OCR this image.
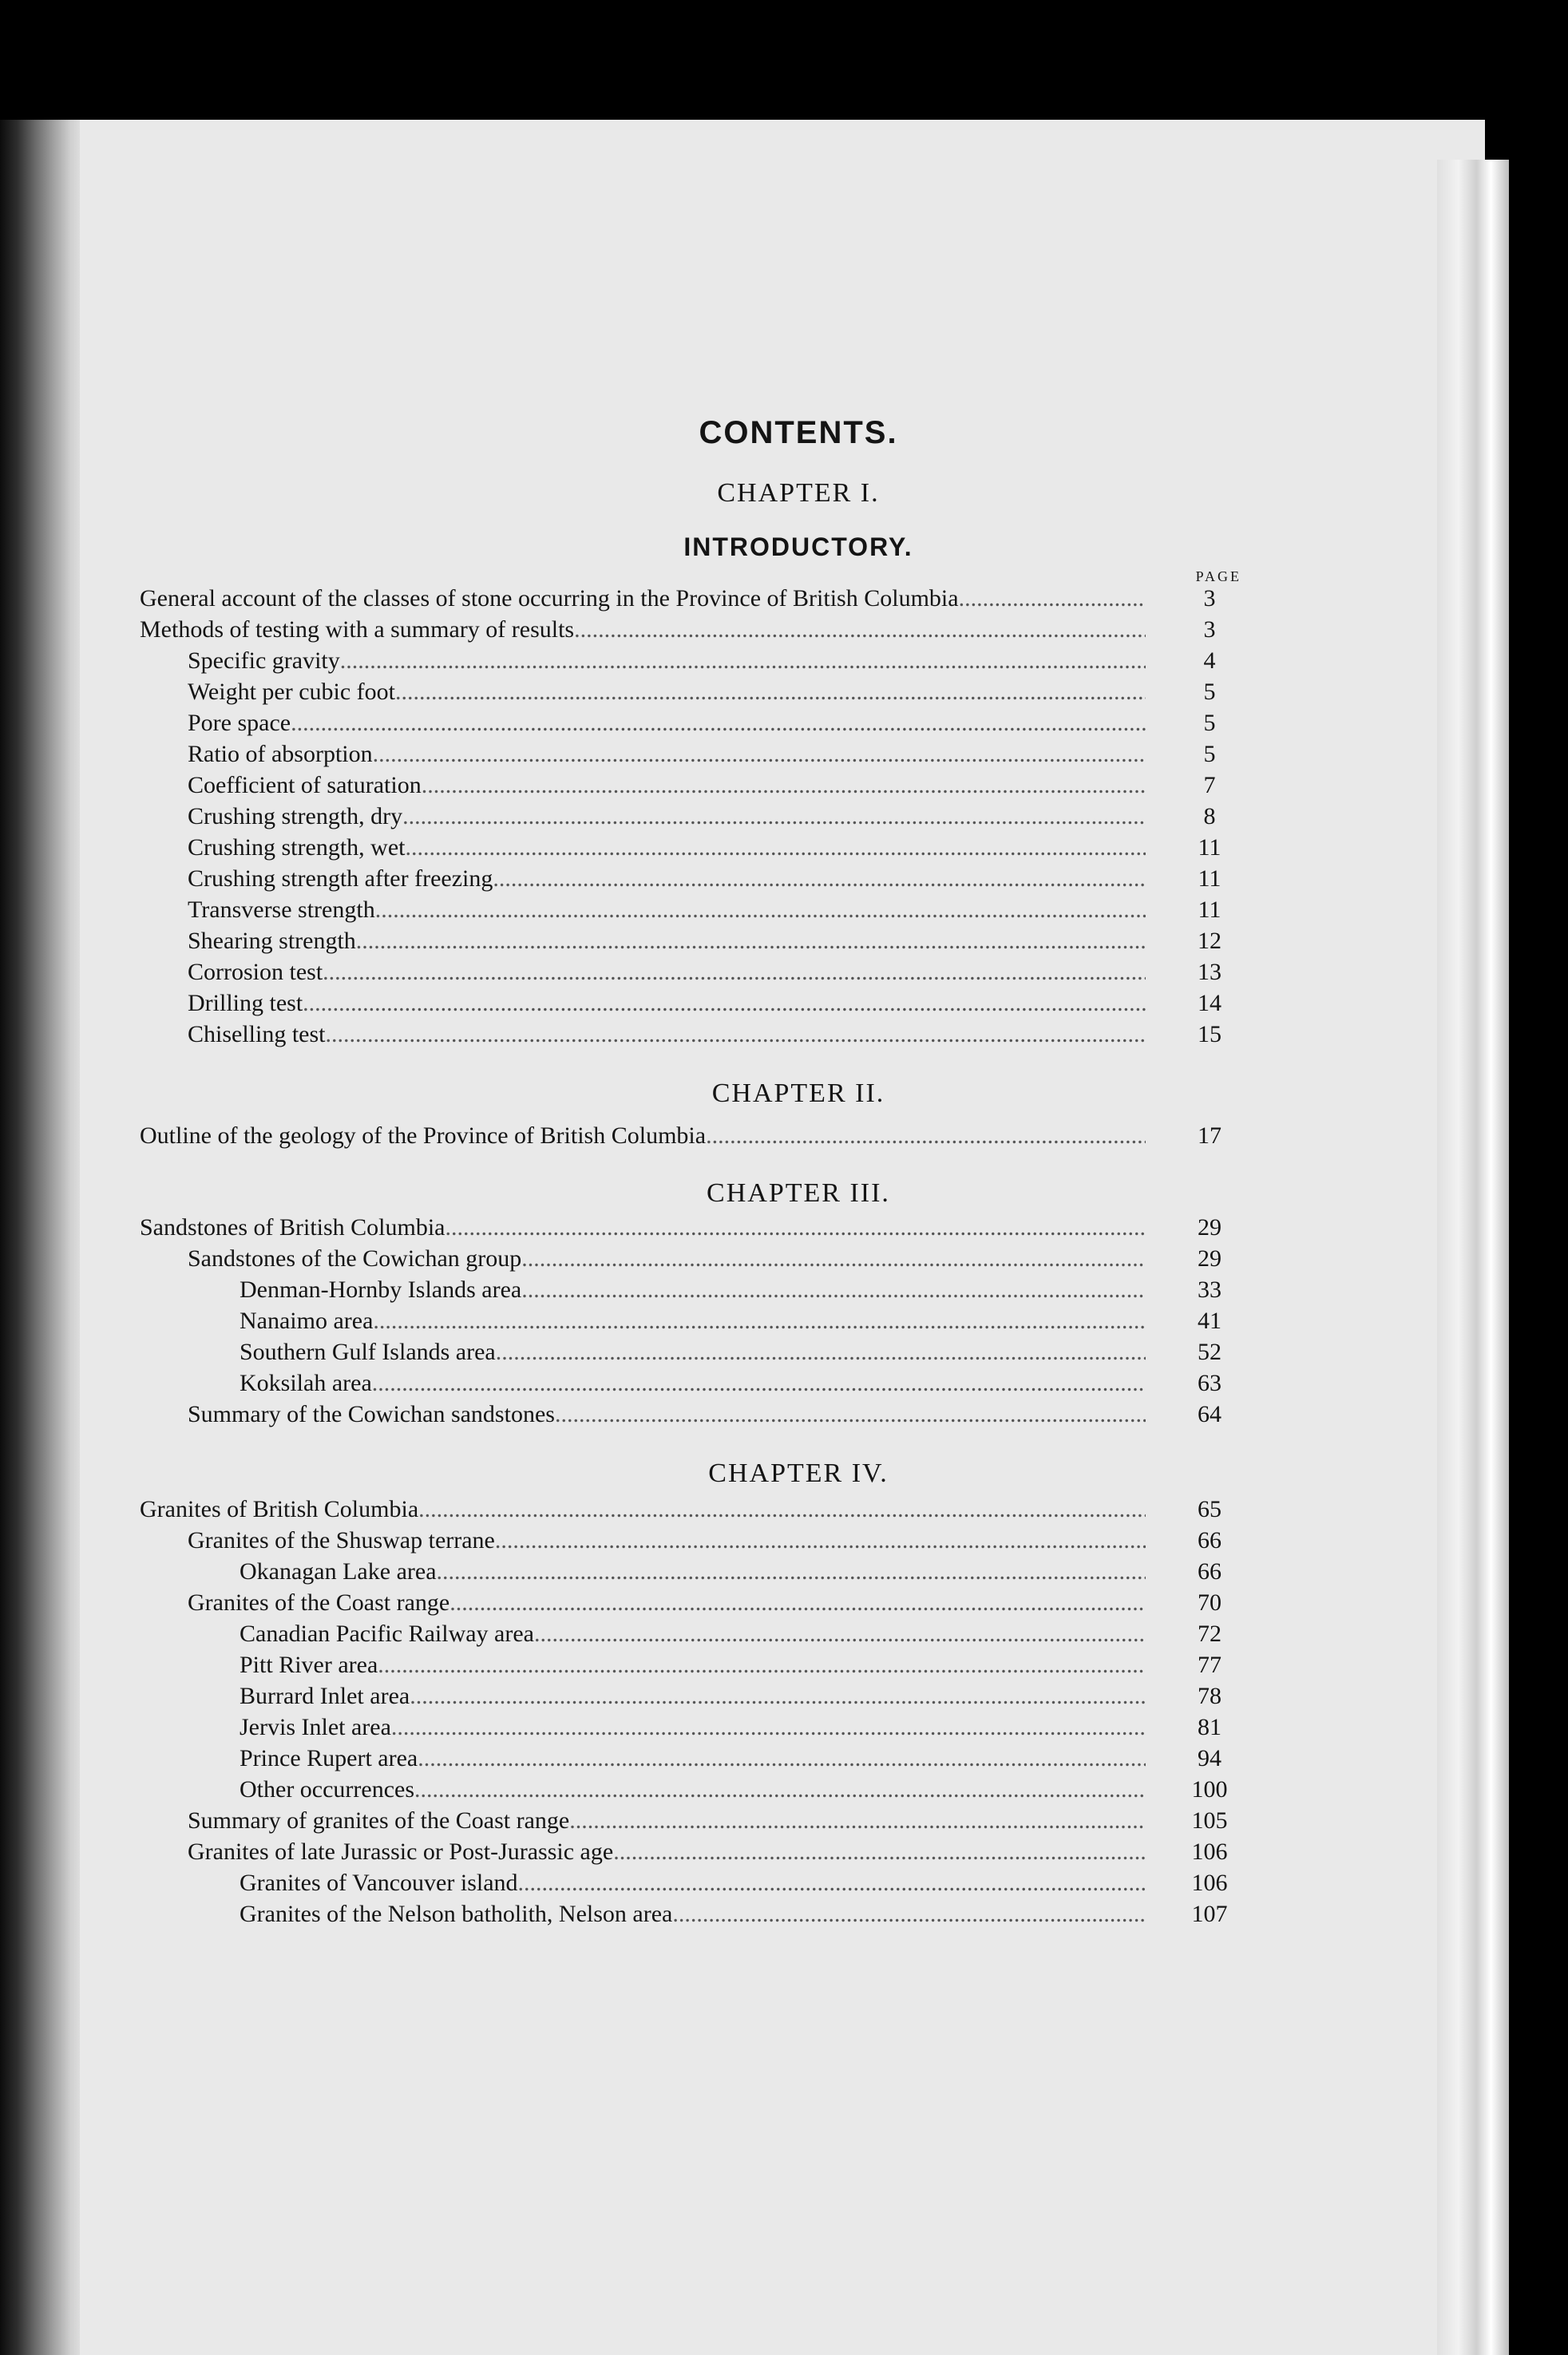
CONTENTS.
CHAPTER I.
INTRODUCTORY.
PAGE
General account of the classes of stone occurring in the Province of British Columbia .....	3
Methods of testing with a summary of results .....	3
Specific gravity .....	4
Weight per cubic foot .....	5
Pore space .....	5
Ratio of absorption .....	5
Coefficient of saturation .....	7
Crushing strength, dry .....	8
Crushing strength, wet .....	11
Crushing strength after freezing .....	11
Transverse strength .....	11
Shearing strength .....	12
Corrosion test .....	13
Drilling test .....	14
Chiselling test .....	15
CHAPTER II.
Outline of the geology of the Province of British Columbia .....	17
CHAPTER III.
Sandstones of British Columbia .....	29
Sandstones of the Cowichan group .....	29
Denman-Hornby Islands area .....	33
Nanaimo area .....	41
Southern Gulf Islands area .....	52
Koksilah area .....	63
Summary of the Cowichan sandstones .....	64
CHAPTER IV.
Granites of British Columbia .....	65
Granites of the Shuswap terrane .....	66
Okanagan Lake area .....	66
Granites of the Coast range .....	70
Canadian Pacific Railway area .....	72
Pitt River area .....	77
Burrard Inlet area .....	78
Jervis Inlet area .....	81
Prince Rupert area .....	94
Other occurrences .....	100
Summary of granites of the Coast range .....	105
Granites of late Jurassic or Post-Jurassic age .....	106
Granites of Vancouver island .....	106
Granites of the Nelson batholith, Nelson area .....	107
